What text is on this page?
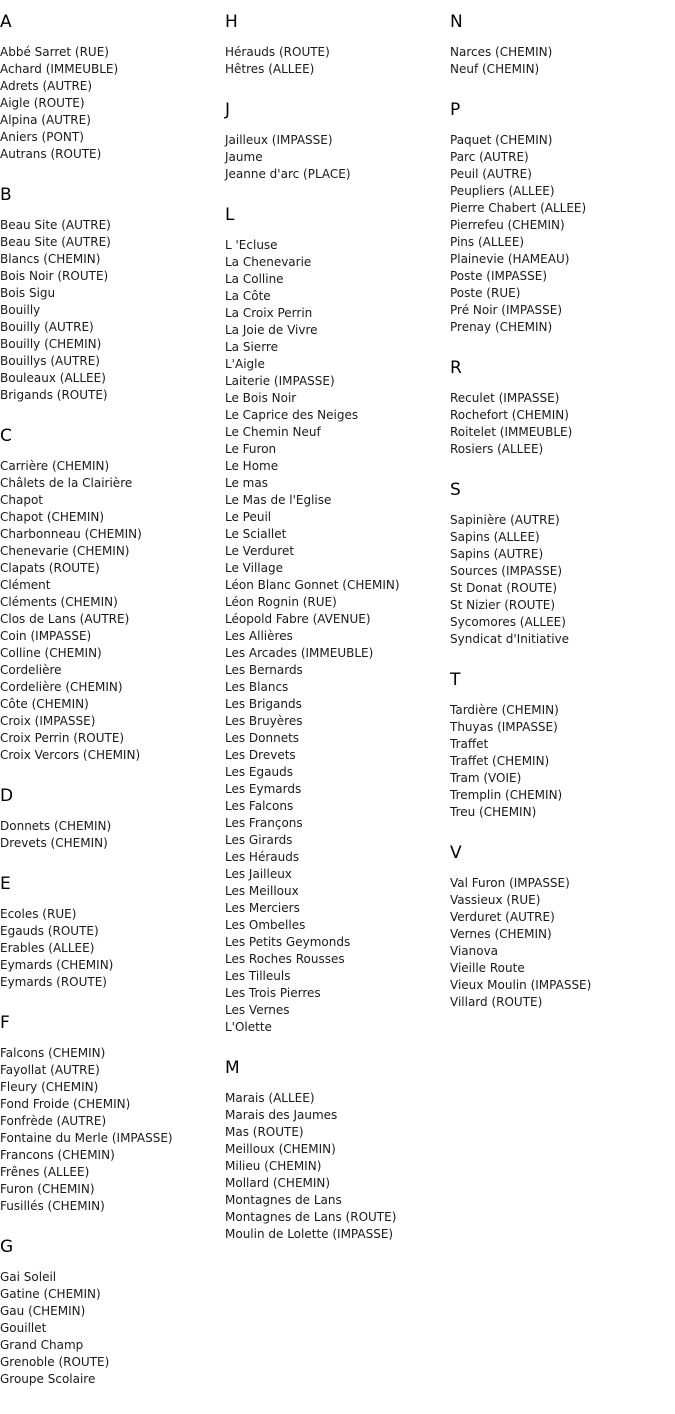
A
Abbé Sarret (RUE)
Achard (IMMEUBLE)
Adrets (AUTRE)
Aigle (ROUTE)
Alpina (AUTRE)
Aniers (PONT)
Autrans (ROUTE)
B
Beau Site (AUTRE)
Beau Site (AUTRE)
Blancs (CHEMIN)
Bois Noir (ROUTE)
Bois Sigu
Bouilly
Bouilly (AUTRE)
Bouilly (CHEMIN)
Bouillys (AUTRE)
Bouleaux (ALLEE)
Brigands (ROUTE)
C
Carrière (CHEMIN)
Châlets de la Clairière
Chapot
Chapot (CHEMIN)
Charbonneau (CHEMIN)
Chenevarie (CHEMIN)
Clapats (ROUTE)
Clément
Cléments (CHEMIN)
Clos de Lans (AUTRE)
Coin (IMPASSE)
Colline (CHEMIN)
Cordelière
Cordelière (CHEMIN)
Côte (CHEMIN)
Croix (IMPASSE)
Croix Perrin (ROUTE)
Croix Vercors (CHEMIN)
D
Donnets (CHEMIN)
Drevets (CHEMIN)
E
Ecoles (RUE)
Egauds (ROUTE)
Erables (ALLEE)
Eymards (CHEMIN)
Eymards (ROUTE)
F
Falcons (CHEMIN)
Fayollat (AUTRE)
Fleury (CHEMIN)
Fond Froide (CHEMIN)
Fonfrède (AUTRE)
Fontaine du Merle (IMPASSE)
Francons (CHEMIN)
Frênes (ALLEE)
Furon (CHEMIN)
Fusillés (CHEMIN)
G
Gai Soleil
Gatine (CHEMIN)
Gau (CHEMIN)
Gouillet
Grand Champ
Grenoble (ROUTE)
Groupe Scolaire
H
Hérauds (ROUTE)
Hêtres (ALLEE)
J
Jailleux (IMPASSE)
Jaume
Jeanne d'arc (PLACE)
L
L 'Ecluse
La Chenevarie
La Colline
La Côte
La Croix Perrin
La Joie de Vivre
La Sierre
L'Aigle
Laiterie (IMPASSE)
Le Bois Noir
Le Caprice des Neiges
Le Chemin Neuf
Le Furon
Le Home
Le mas
Le Mas de l'Eglise
Le Peuil
Le Sciallet
Le Verduret
Le Village
Léon Blanc Gonnet (CHEMIN)
Léon Rognin (RUE)
Léopold Fabre (AVENUE)
Les Allières
Les Arcades (IMMEUBLE)
Les Bernards
Les Blancs
Les Brigands
Les Bruyères
Les Donnets
Les Drevets
Les Egauds
Les Eymards
Les Falcons
Les Françons
Les Girards
Les Hérauds
Les Jailleux
Les Meilloux
Les Merciers
Les Ombelles
Les Petits Geymonds
Les Roches Rousses
Les Tilleuls
Les Trois Pierres
Les Vernes
L'Olette
M
Marais (ALLEE)
Marais des Jaumes
Mas (ROUTE)
Meilloux (CHEMIN)
Milieu (CHEMIN)
Mollard (CHEMIN)
Montagnes de Lans
Montagnes de Lans (ROUTE)
Moulin de Lolette (IMPASSE)
N
Narces (CHEMIN)
Neuf (CHEMIN)
P
Paquet (CHEMIN)
Parc (AUTRE)
Peuil (AUTRE)
Peupliers (ALLEE)
Pierre Chabert (ALLEE)
Pierrefeu (CHEMIN)
Pins (ALLEE)
Plainevie (HAMEAU)
Poste (IMPASSE)
Poste (RUE)
Pré Noir (IMPASSE)
Prenay (CHEMIN)
R
Reculet (IMPASSE)
Rochefort (CHEMIN)
Roitelet (IMMEUBLE)
Rosiers (ALLEE)
S
Sapinière (AUTRE)
Sapins (ALLEE)
Sapins (AUTRE)
Sources (IMPASSE)
St Donat (ROUTE)
St Nizier (ROUTE)
Sycomores (ALLEE)
Syndicat d'Initiative
T
Tardière (CHEMIN)
Thuyas (IMPASSE)
Traffet
Traffet (CHEMIN)
Tram (VOIE)
Tremplin (CHEMIN)
Treu (CHEMIN)
V
Val Furon (IMPASSE)
Vassieux (RUE)
Verduret (AUTRE)
Vernes (CHEMIN)
Vianova
Vieille Route
Vieux Moulin (IMPASSE)
Villard (ROUTE)
